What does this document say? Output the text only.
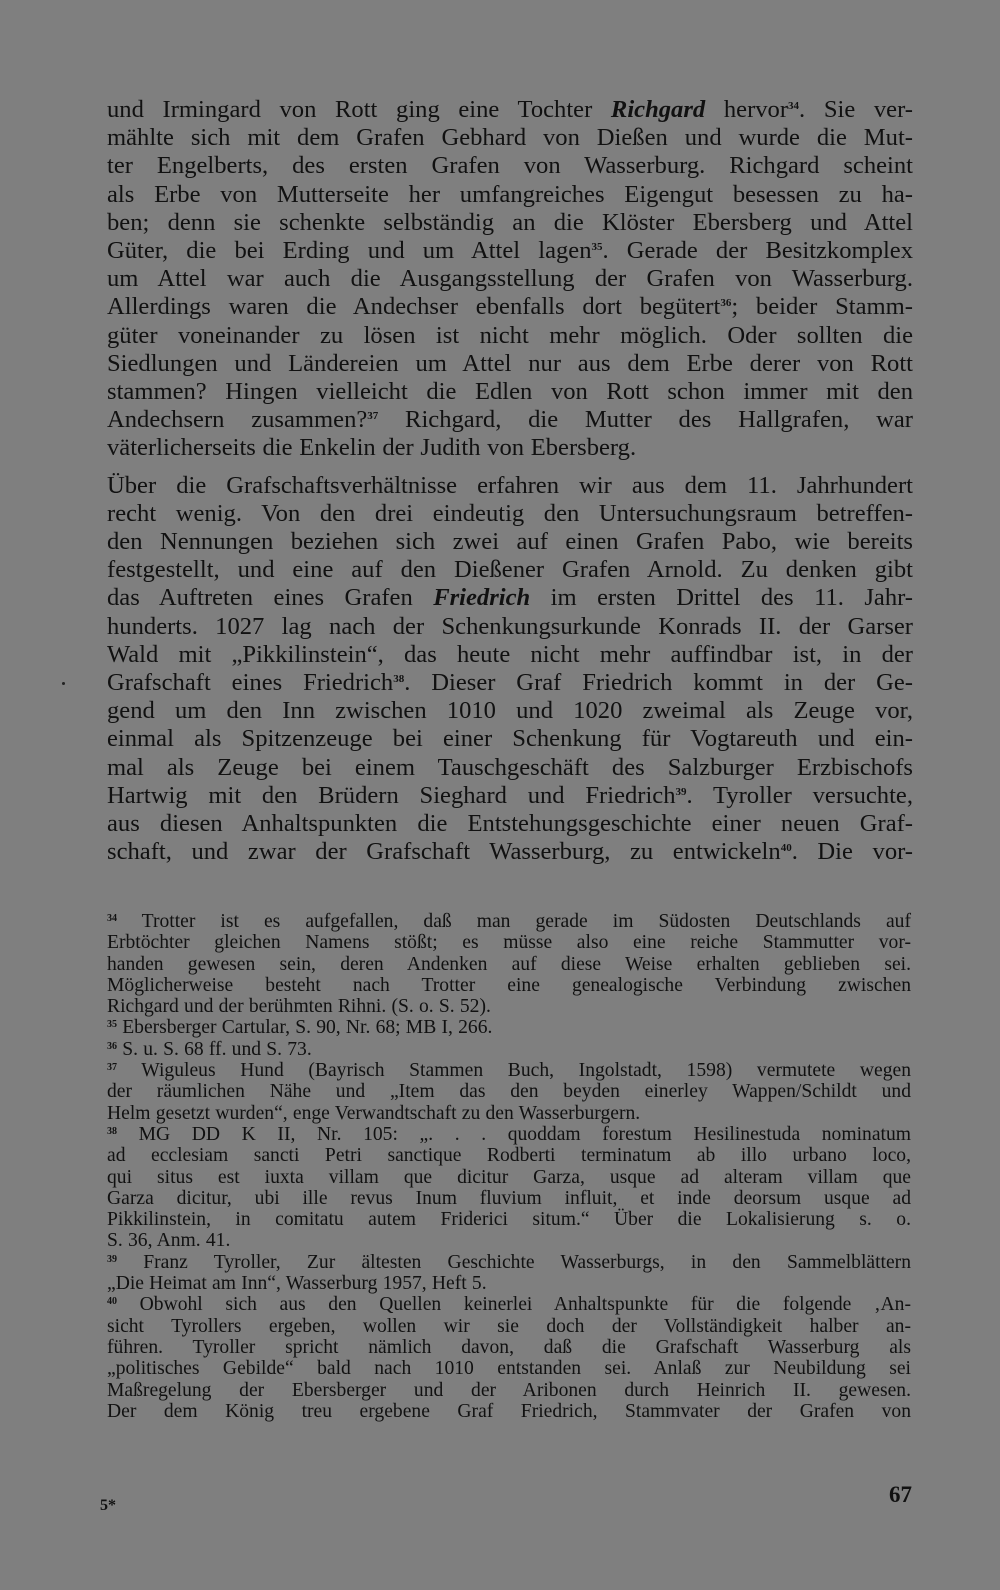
und Irmingard von Rott ging eine Tochter Richgard hervor$^{34}$. Sie ver-
mählte sich mit dem Grafen Gebhard von Dießen und wurde die Mut-
ter Engelberts, des ersten Grafen von Wasserburg. Richgard scheint
als Erbe von Mutterseite her umfangreiches Eigengut besessen zu ha-
ben; denn sie schenkte selbständig an die Klöster Ebersberg und Attel
Güter, die bei Erding und um Attel lagen$^{35}$. Gerade der Besitzkomplex
um Attel war auch die Ausgangsstellung der Grafen von Wasserburg.
Allerdings waren die Andechser ebenfalls dort begütert$^{36}$; beider Stamm-
güter voneinander zu lösen ist nicht mehr möglich. Oder sollten die
Siedlungen und Ländereien um Attel nur aus dem Erbe derer von Rott
stammen? Hingen vielleicht die Edlen von Rott schon immer mit den
Andechsern zusammen?$^{37}$ Richgard, die Mutter des Hallgrafen, war
väterlicherseits die Enkelin der Judith von Ebersberg.
Über die Grafschaftsverhältnisse erfahren wir aus dem 11. Jahrhundert
recht wenig. Von den drei eindeutig den Untersuchungsraum betreffen-
den Nennungen beziehen sich zwei auf einen Grafen Pabo, wie bereits
festgestellt, und eine auf den Dießener Grafen Arnold. Zu denken gibt
das Auftreten eines Grafen Friedrich im ersten Drittel des 11. Jahr-
hunderts. 1027 lag nach der Schenkungsurkunde Konrads II. der Garser
Wald mit „Pikkilinstein“, das heute nicht mehr auffindbar ist, in der
Grafschaft eines Friedrich$^{38}$. Dieser Graf Friedrich kommt in der Ge-
gend um den Inn zwischen 1010 und 1020 zweimal als Zeuge vor,
einmal als Spitzenzeuge bei einer Schenkung für Vogtareuth und ein-
mal als Zeuge bei einem Tauschgeschäft des Salzburger Erzbischofs
Hartwig mit den Brüdern Sieghard und Friedrich$^{39}$. Tyroller versuchte,
aus diesen Anhaltspunkten die Entstehungsgeschichte einer neuen Graf-
schaft, und zwar der Grafschaft Wasserburg, zu entwickeln$^{40}$. Die vor-
$^{34}$ Trotter ist es aufgefallen, daß man gerade im Südosten Deutschlands auf
Erbtöchter gleichen Namens stößt; es müsse also eine reiche Stammutter vor-
handen gewesen sein, deren Andenken auf diese Weise erhalten geblieben sei.
Möglicherweise besteht nach Trotter eine genealogische Verbindung zwischen
Richgard und der berühmten Rihni. (S. o. S. 52).
$^{35}$ Ebersberger Cartular, S. 90, Nr. 68; MB I, 266.
$^{36}$ S. u. S. 68 ff. und S. 73.
$^{37}$ Wiguleus Hund (Bayrisch Stammen Buch, Ingolstadt, 1598) vermutete wegen
der räumlichen Nähe und „Item das den beyden einerley Wappen/Schildt und
Helm gesetzt wurden“, enge Verwandtschaft zu den Wasserburgern.
$^{38}$ MG DD K II, Nr. 105: „. . . quoddam forestum Hesilinestuda nominatum
ad ecclesiam sancti Petri sanctique Rodberti terminatum ab illo urbano loco,
qui situs est iuxta villam que dicitur Garza, usque ad alteram villam que
Garza dicitur, ubi ille revus Inum fluvium influit, et inde deorsum usque ad
Pikkilinstein, in comitatu autem Friderici situm.“ Über die Lokalisierung s. o.
S. 36, Anm. 41.
$^{39}$ Franz Tyroller, Zur ältesten Geschichte Wasserburgs, in den Sammelblättern
„Die Heimat am Inn“, Wasserburg 1957, Heft 5.
$^{40}$ Obwohl sich aus den Quellen keinerlei Anhaltspunkte für die folgende ‚An-
sicht Tyrollers ergeben, wollen wir sie doch der Vollständigkeit halber an-
führen. Tyroller spricht nämlich davon, daß die Grafschaft Wasserburg als
„politisches Gebilde“ bald nach 1010 entstanden sei. Anlaß zur Neubildung sei
Maßregelung der Ebersberger und der Aribonen durch Heinrich II. gewesen.
Der dem König treu ergebene Graf Friedrich, Stammvater der Grafen von
67
5*
